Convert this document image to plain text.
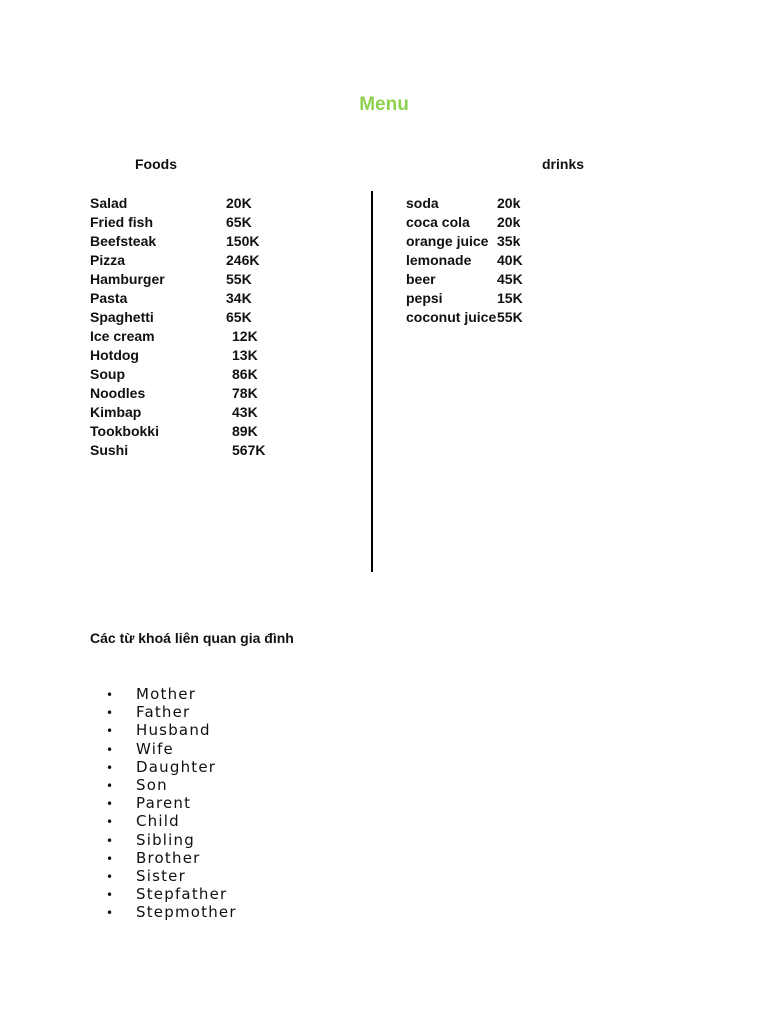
Menu
Foods	drinks
Salad	20K
Fried fish	65K
Beefsteak	150K
Pizza	246K
Hamburger	55K
Pasta	34K
Spaghetti	65K
Ice cream	12K
Hotdog	13K
Soup	86K
Noodles	78K
Kimbap	43K
Tookbokki	89K
Sushi	567K
soda	20k
coca cola 20k
orange juice 35k
lemonade 40K
beer	45K
pepsi	15K
coconut juice 55K
Các từ khoá liên quan gia đình
• Mother
• Father
• Husband
• Wife
• Daughter
• Son
• Parent
• Child
• Sibling
• Brother
• Sister
• Stepfather
• Stepmother
